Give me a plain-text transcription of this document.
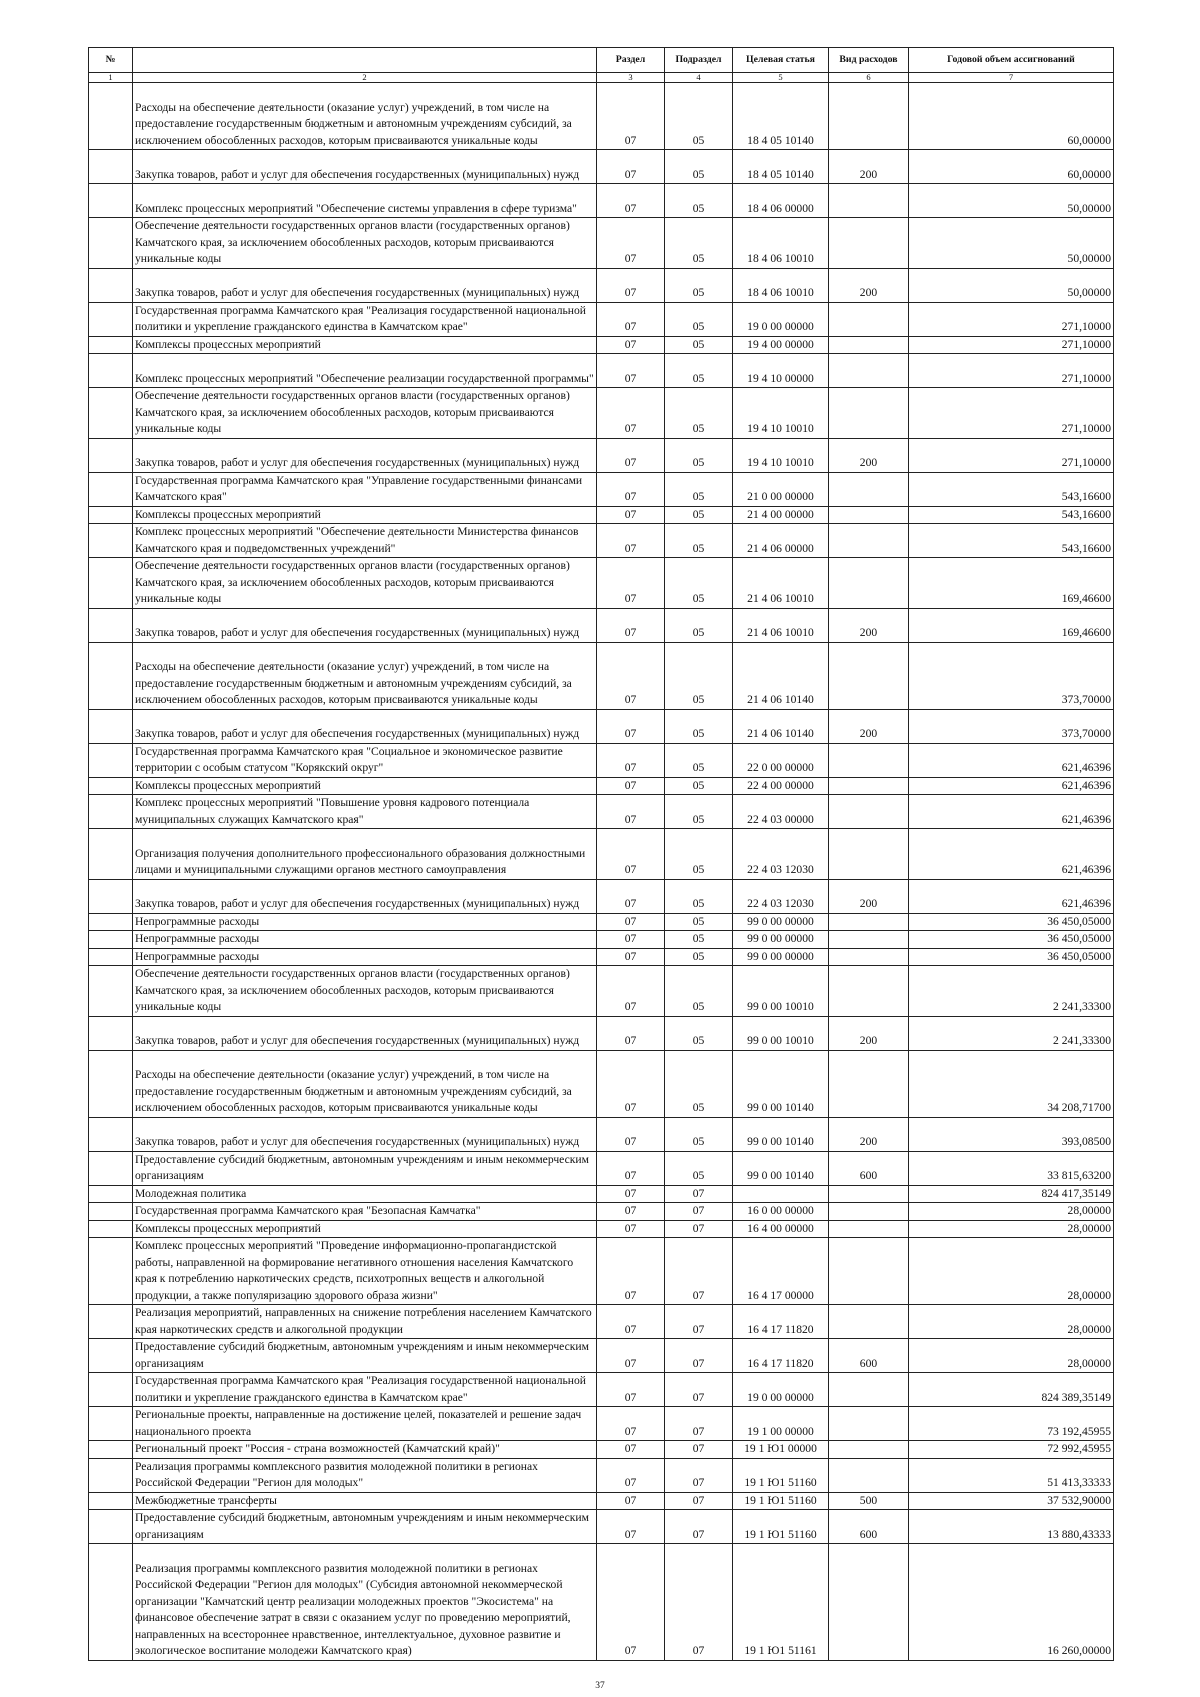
№		Раздел	Подраздел	Целевая статья	Вид расходов	Годовой объем ассигнований
1	2	3	4	5	6	7
	Расходы на обеспечение деятельности (оказание услуг) учреждений, в том числе на предоставление государственным бюджетным и автономным учреждениям субсидий, за исключением обособленных расходов, которым присваиваются уникальные коды	07	05	18 4 05 10140		60,00000
	Закупка товаров, работ и услуг для обеспечения государственных (муниципальных) нужд	07	05	18 4 05 10140	200	60,00000
	Комплекс процессных мероприятий "Обеспечение системы управления в сфере туризма"	07	05	18 4 06 00000		50,00000
	Обеспечение деятельности государственных органов власти (государственных органов) Камчатского края, за исключением обособленных расходов, которым присваиваются уникальные коды	07	05	18 4 06 10010		50,00000
	Закупка товаров, работ и услуг для обеспечения государственных (муниципальных) нужд	07	05	18 4 06 10010	200	50,00000
	Государственная программа Камчатского края "Реализация государственной национальной политики и укрепление гражданского единства в Камчатском крае"	07	05	19 0 00 00000		271,10000
	Комплексы процессных мероприятий	07	05	19 4 00 00000		271,10000
	Комплекс процессных мероприятий "Обеспечение реализации государственной программы"	07	05	19 4 10 00000		271,10000
	Обеспечение деятельности государственных органов власти (государственных органов) Камчатского края, за исключением обособленных расходов, которым присваиваются уникальные коды	07	05	19 4 10 10010		271,10000
	Закупка товаров, работ и услуг для обеспечения государственных (муниципальных) нужд	07	05	19 4 10 10010	200	271,10000
	Государственная программа Камчатского края "Управление государственными финансами Камчатского края"	07	05	21 0 00 00000		543,16600
	Комплексы процессных мероприятий	07	05	21 4 00 00000		543,16600
	Комплекс процессных мероприятий "Обеспечение деятельности Министерства финансов Камчатского края и подведомственных учреждений"	07	05	21 4 06 00000		543,16600
	Обеспечение деятельности государственных органов власти (государственных органов) Камчатского края, за исключением обособленных расходов, которым присваиваются уникальные коды	07	05	21 4 06 10010		169,46600
	Закупка товаров, работ и услуг для обеспечения государственных (муниципальных) нужд	07	05	21 4 06 10010	200	169,46600
	Расходы на обеспечение деятельности (оказание услуг) учреждений, в том числе на предоставление государственным бюджетным и автономным учреждениям субсидий, за исключением обособленных расходов, которым присваиваются уникальные коды	07	05	21 4 06 10140		373,70000
	Закупка товаров, работ и услуг для обеспечения государственных (муниципальных) нужд	07	05	21 4 06 10140	200	373,70000
	Государственная программа Камчатского края "Социальное и экономическое развитие территории с особым статусом "Корякский округ"	07	05	22 0 00 00000		621,46396
	Комплексы процессных мероприятий	07	05	22 4 00 00000		621,46396
	Комплекс процессных мероприятий "Повышение уровня кадрового потенциала муниципальных служащих Камчатского края"	07	05	22 4 03 00000		621,46396
	Организация получения дополнительного профессионального образования должностными лицами и муниципальными служащими органов местного самоуправления	07	05	22 4 03 12030		621,46396
	Закупка товаров, работ и услуг для обеспечения государственных (муниципальных) нужд	07	05	22 4 03 12030	200	621,46396
	Непрограммные расходы	07	05	99 0 00 00000		36 450,05000
	Непрограммные расходы	07	05	99 0 00 00000		36 450,05000
	Непрограммные расходы	07	05	99 0 00 00000		36 450,05000
	Обеспечение деятельности государственных органов власти (государственных органов) Камчатского края, за исключением обособленных расходов, которым присваиваются уникальные коды	07	05	99 0 00 10010		2 241,33300
	Закупка товаров, работ и услуг для обеспечения государственных (муниципальных) нужд	07	05	99 0 00 10010	200	2 241,33300
	Расходы на обеспечение деятельности (оказание услуг) учреждений, в том числе на предоставление государственным бюджетным и автономным учреждениям субсидий, за исключением обособленных расходов, которым присваиваются уникальные коды	07	05	99 0 00 10140		34 208,71700
	Закупка товаров, работ и услуг для обеспечения государственных (муниципальных) нужд	07	05	99 0 00 10140	200	393,08500
	Предоставление субсидий бюджетным, автономным учреждениям и иным некоммерческим организациям	07	05	99 0 00 10140	600	33 815,63200
	Молодежная политика	07	07			824 417,35149
	Государственная программа Камчатского края "Безопасная Камчатка"	07	07	16 0 00 00000		28,00000
	Комплексы процессных мероприятий	07	07	16 4 00 00000		28,00000
	Комплекс процессных мероприятий "Проведение информационно-пропагандистской работы, направленной на формирование негативного отношения населения Камчатского края к потреблению наркотических средств, психотропных веществ и алкогольной продукции, а также популяризацию здорового образа жизни"	07	07	16 4 17 00000		28,00000
	Реализация мероприятий, направленных на снижение потребления населением Камчатского края наркотических средств и алкогольной продукции	07	07	16 4 17 11820		28,00000
	Предоставление субсидий бюджетным, автономным учреждениям и иным некоммерческим организациям	07	07	16 4 17 11820	600	28,00000
	Государственная программа Камчатского края "Реализация государственной национальной политики и укрепление гражданского единства в Камчатском крае"	07	07	19 0 00 00000		824 389,35149
	Региональные проекты, направленные на достижение целей, показателей и решение задач национального проекта	07	07	19 1 00 00000		73 192,45955
	Региональный проект "Россия - страна возможностей (Камчатский край)"	07	07	19 1 Ю1 00000		72 992,45955
	Реализация программы комплексного развития молодежной политики в регионах Российской Федерации "Регион для молодых"	07	07	19 1 Ю1 51160		51 413,33333
	Межбюджетные трансферты	07	07	19 1 Ю1 51160	500	37 532,90000
	Предоставление субсидий бюджетным, автономным учреждениям и иным некоммерческим организациям	07	07	19 1 Ю1 51160	600	13 880,43333
	Реализация программы комплексного развития молодежной политики в регионах Российской Федерации "Регион для молодых" (Субсидия автономной некоммерческой организации "Камчатский центр реализации молодежных проектов "Экосистема" на финансовое обеспечение затрат в связи с оказанием услуг по проведению мероприятий, направленных на всестороннее нравственное, интеллектуальное, духовное развитие и экологическое воспитание молодежи Камчатского края)	07	07	19 1 Ю1 51161		16 260,00000
37
